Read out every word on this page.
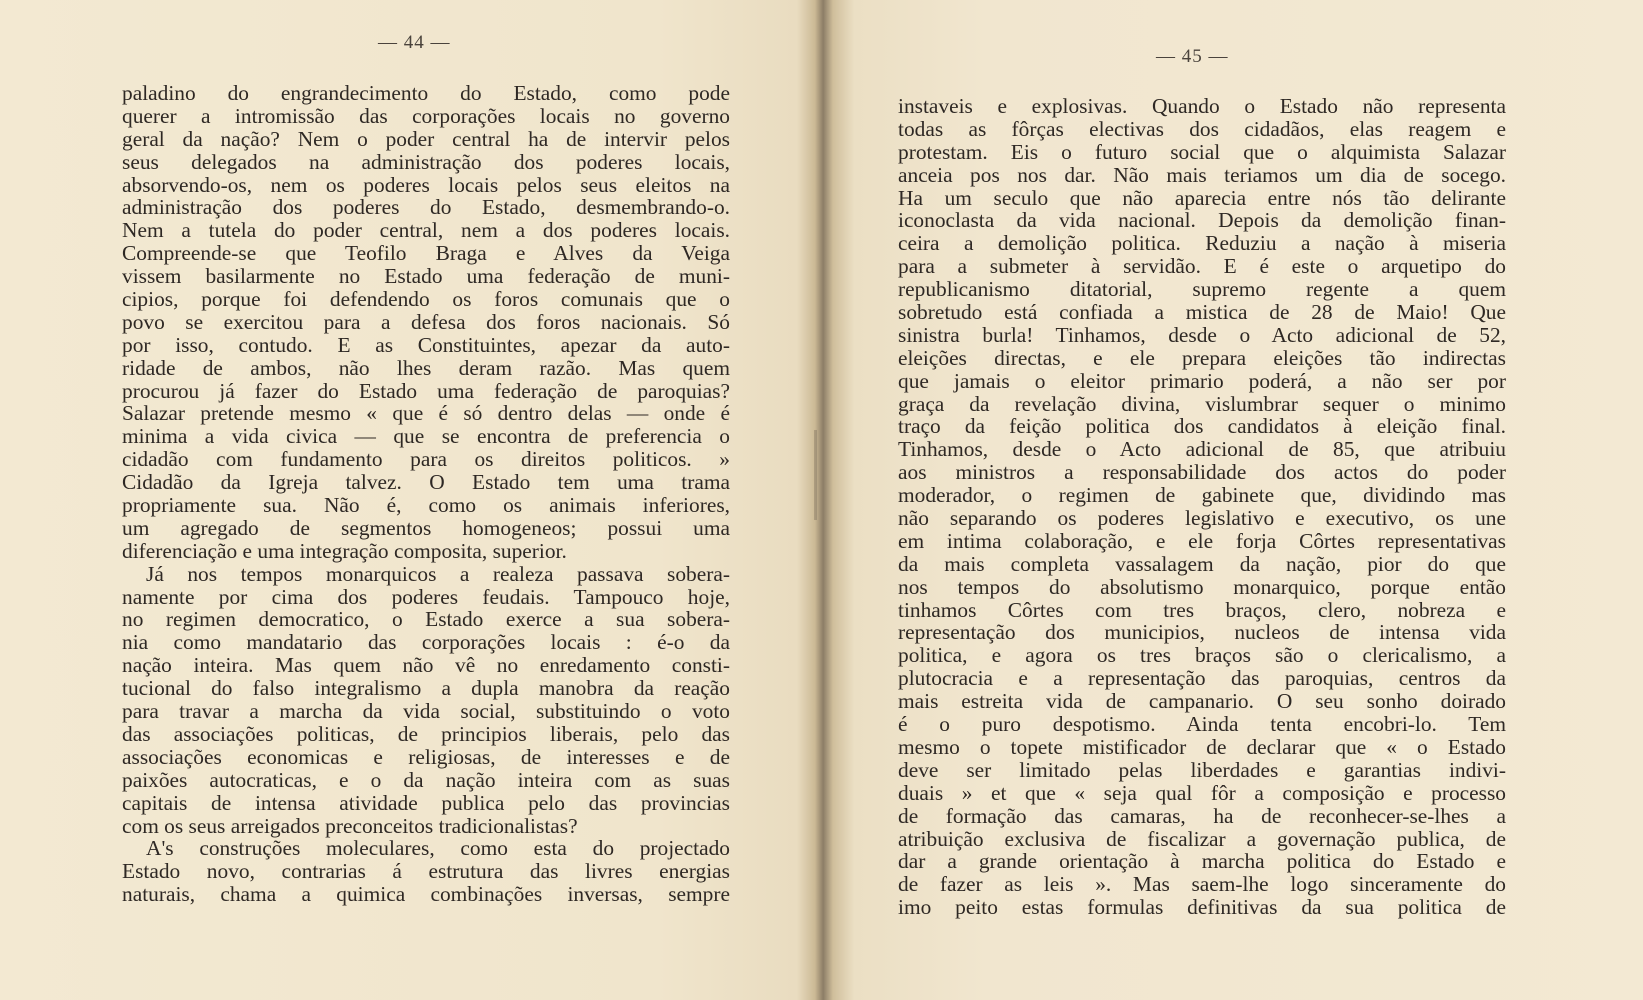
— 44 —
paladino do engrandecimento do Estado, como pode
querer a intromissão das corporações locais no governo
geral da nação? Nem o poder central ha de intervir pelos
seus delegados na administração dos poderes locais,
absorvendo-os, nem os poderes locais pelos seus eleitos na
administração dos poderes do Estado, desmembrando-o.
Nem a tutela do poder central, nem a dos poderes locais.
Compreende-se que Teofilo Braga e Alves da Veiga
vissem basilarmente no Estado uma federação de muni-
cipios, porque foi defendendo os foros comunais que o
povo se exercitou para a defesa dos foros nacionais. Só
por isso, contudo. E as Constituintes, apezar da auto-
ridade de ambos, não lhes deram razão. Mas quem
procurou já fazer do Estado uma federação de paroquias?
Salazar pretende mesmo « que é só dentro delas — onde é
minima a vida civica — que se encontra de preferencia o
cidadão com fundamento para os direitos politicos. »
Cidadão da Igreja talvez. O Estado tem uma trama
propriamente sua. Não é, como os animais inferiores,
um agregado de segmentos homogeneos; possui uma
diferenciação e uma integração composita, superior.
Já nos tempos monarquicos a realeza passava sobera-
namente por cima dos poderes feudais. Tampouco hoje,
no regimen democratico, o Estado exerce a sua sobera-
nia como mandatario das corporações locais : é-o da
nação inteira. Mas quem não vê no enredamento consti-
tucional do falso integralismo a dupla manobra da reação
para travar a marcha da vida social, substituindo o voto
das associações politicas, de principios liberais, pelo das
associações economicas e religiosas, de interesses e de
paixões autocraticas, e o da nação inteira com as suas
capitais de intensa atividade publica pelo das provincias
com os seus arreigados preconceitos tradicionalistas?
A's construções moleculares, como esta do projectado
Estado novo, contrarias á estrutura das livres energias
naturais, chama a quimica combinações inversas, sempre
— 45 —
instaveis e explosivas. Quando o Estado não representa
todas as fôrças electivas dos cidadãos, elas reagem e
protestam. Eis o futuro social que o alquimista Salazar
anceia pos nos dar. Não mais teriamos um dia de socego.
Ha um seculo que não aparecia entre nós tão delirante
iconoclasta da vida nacional. Depois da demolição finan-
ceira a demolição politica. Reduziu a nação à miseria
para a submeter à servidão. E é este o arquetipo do
republicanismo ditatorial, supremo regente a quem
sobretudo está confiada a mistica de 28 de Maio! Que
sinistra burla! Tinhamos, desde o Acto adicional de 52,
eleições directas, e ele prepara eleições tão indirectas
que jamais o eleitor primario poderá, a não ser por
graça da revelação divina, vislumbrar sequer o minimo
traço da feição politica dos candidatos à eleição final.
Tinhamos, desde o Acto adicional de 85, que atribuiu
aos ministros a responsabilidade dos actos do poder
moderador, o regimen de gabinete que, dividindo mas
não separando os poderes legislativo e executivo, os une
em intima colaboração, e ele forja Côrtes representativas
da mais completa vassalagem da nação, pior do que
nos tempos do absolutismo monarquico, porque então
tinhamos Côrtes com tres braços, clero, nobreza e
representação dos municipios, nucleos de intensa vida
politica, e agora os tres braços são o clericalismo, a
plutocracia e a representação das paroquias, centros da
mais estreita vida de campanario. O seu sonho doirado
é o puro despotismo. Ainda tenta encobri-lo. Tem
mesmo o topete mistificador de declarar que « o Estado
deve ser limitado pelas liberdades e garantias indivi-
duais » et que « seja qual fôr a composição e processo
de formação das camaras, ha de reconhecer-se-lhes a
atribuição exclusiva de fiscalizar a governação publica, de
dar a grande orientação à marcha politica do Estado e
de fazer as leis ». Mas saem-lhe logo sinceramente do
imo peito estas formulas definitivas da sua politica de
